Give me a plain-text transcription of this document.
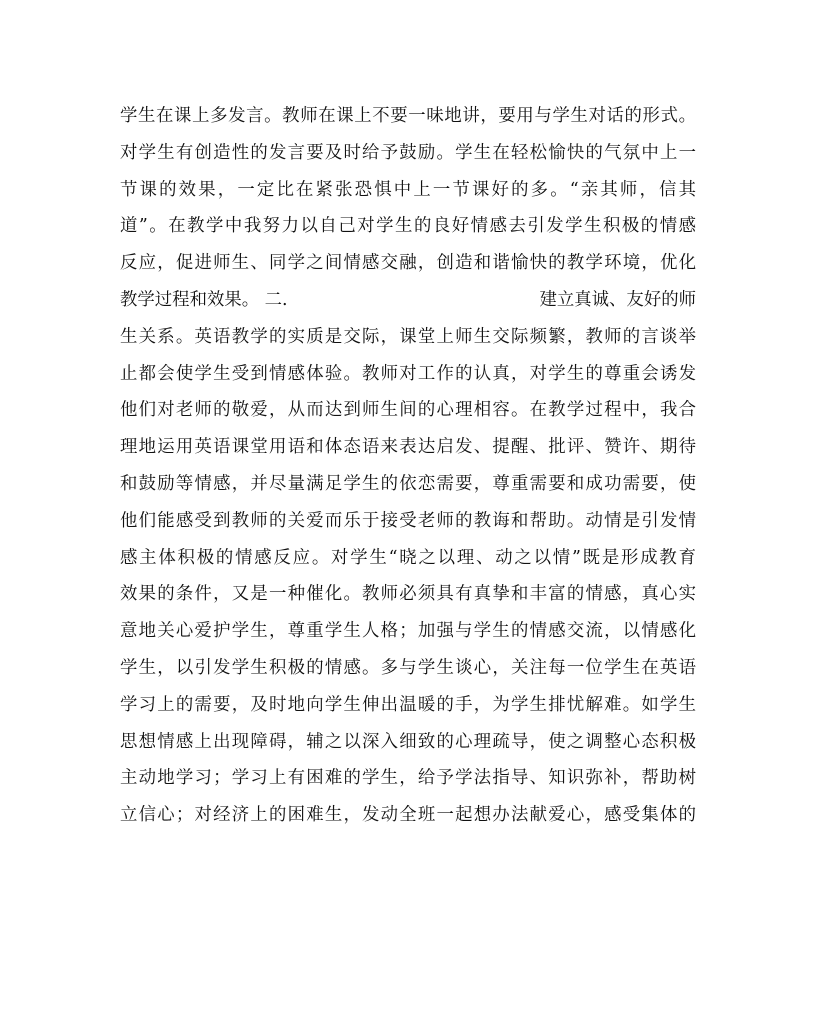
学生在课上多发言。教师在课上不要一味地讲，要用与学生对话的形式。
对学生有创造性的发言要及时给予鼓励。学生在轻松愉快的气氛中上一
节课的效果，一定比在紧张恐惧中上一节课好的多。“亲其师，信其
道”。在教学中我努力以自己对学生的良好情感去引发学生积极的情感
反应，促进师生、同学之间情感交融，创造和谐愉快的教学环境，优化
教学过程和效果。 二.	建立真诚、友好的师
生关系。英语教学的实质是交际，课堂上师生交际频繁，教师的言谈举
止都会使学生受到情感体验。教师对工作的认真，对学生的尊重会诱发
他们对老师的敬爱，从而达到师生间的心理相容。在教学过程中，我合
理地运用英语课堂用语和体态语来表达启发、提醒、批评、赞许、期待
和鼓励等情感，并尽量满足学生的依恋需要，尊重需要和成功需要，使
他们能感受到教师的关爱而乐于接受老师的教诲和帮助。动情是引发情
感主体积极的情感反应。对学生“晓之以理、动之以情”既是形成教育
效果的条件，又是一种催化。教师必须具有真挚和丰富的情感，真心实
意地关心爱护学生，尊重学生人格；加强与学生的情感交流，以情感化
学生，以引发学生积极的情感。多与学生谈心，关注每一位学生在英语
学习上的需要，及时地向学生伸出温暖的手，为学生排忧解难。如学生
思想情感上出现障碍，辅之以深入细致的心理疏导，使之调整心态积极
主动地学习；学习上有困难的学生，给予学法指导、知识弥补，帮助树
立信心；对经济上的困难生，发动全班一起想办法献爱心，感受集体的
